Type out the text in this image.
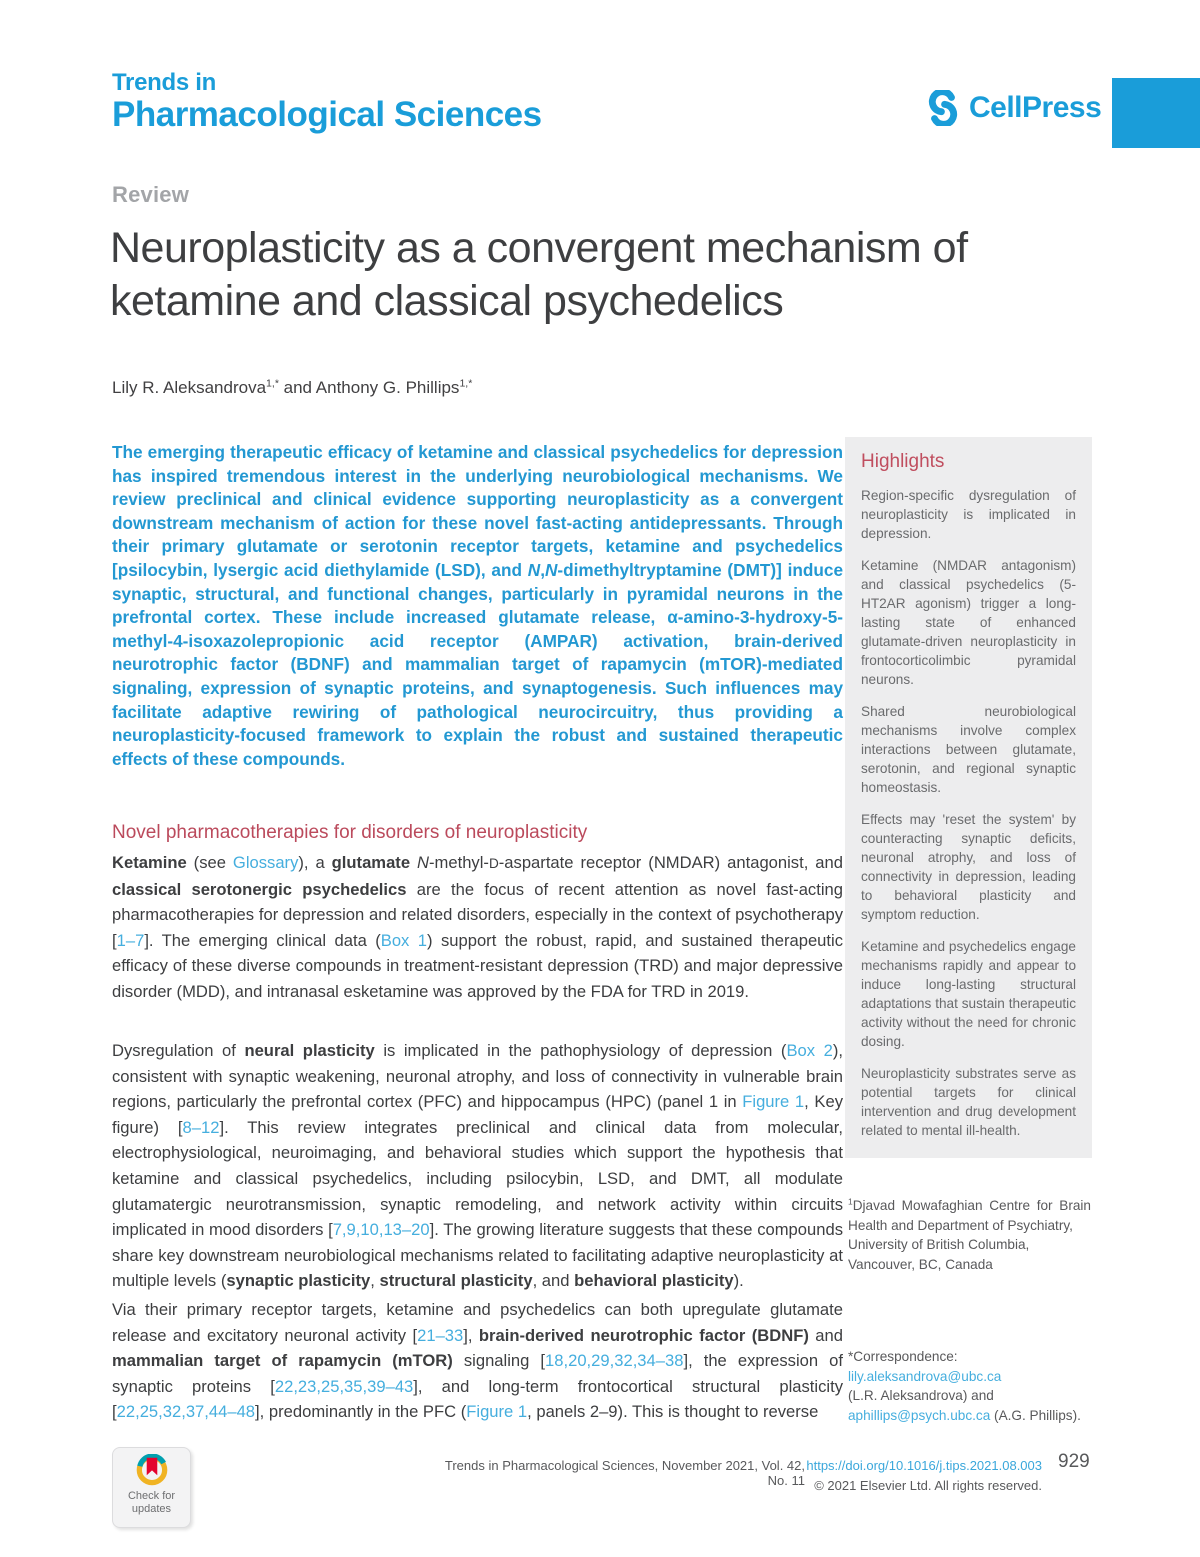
Trends in
Pharmacological Sciences	CellPress
Review
Neuroplasticity as a convergent mechanism of ketamine and classical psychedelics
Lily R. Aleksandrova$^{1,*}$ and Anthony G. Phillips$^{1,*}$
The emerging therapeutic efficacy of ketamine and classical psychedelics for depression has inspired tremendous interest in the underlying neurobiological mechanisms. We review preclinical and clinical evidence supporting neuroplasticity as a convergent downstream mechanism of action for these novel fast-acting antidepressants. Through their primary glutamate or serotonin receptor targets, ketamine and psychedelics [psilocybin, lysergic acid diethylamide (LSD), and N,N-dimethyltryptamine (DMT)] induce synaptic, structural, and functional changes, particularly in pyramidal neurons in the prefrontal cortex. These include increased glutamate release, α-amino-3-hydroxy-5-methyl-4-isoxazolepropionic acid receptor (AMPAR) activation, brain-derived neurotrophic factor (BDNF) and mammalian target of rapamycin (mTOR)-mediated signaling, expression of synaptic proteins, and synaptogenesis. Such influences may facilitate adaptive rewiring of pathological neurocircuitry, thus providing a neuroplasticity-focused framework to explain the robust and sustained therapeutic effects of these compounds.
Highlights

Region-specific dysregulation of neuroplasticity is implicated in depression.

Ketamine (NMDAR antagonism) and classical psychedelics (5-HT2AR agonism) trigger a long-lasting state of enhanced glutamate-driven neuroplasticity in frontocorticolimbic pyramidal neurons.

Shared neurobiological mechanisms involve complex interactions between glutamate, serotonin, and regional synaptic homeostasis.

Effects may 'reset the system' by counteracting synaptic deficits, neuronal atrophy, and loss of connectivity in depression, leading to behavioral plasticity and symptom reduction.

Ketamine and psychedelics engage mechanisms rapidly and appear to induce long-lasting structural adaptations that sustain therapeutic activity without the need for chronic dosing.

Neuroplasticity substrates serve as potential targets for clinical intervention and drug development related to mental ill-health.

Novel pharmacotherapies for disorders of neuroplasticity

Ketamine (see Glossary), a glutamate N-methyl-D-aspartate receptor (NMDAR) antagonist, and classical serotonergic psychedelics are the focus of recent attention as novel fast-acting pharmacotherapies for depression and related disorders, especially in the context of psychotherapy [1–7]. The emerging clinical data (Box 1) support the robust, rapid, and sustained therapeutic efficacy of these diverse compounds in treatment-resistant depression (TRD) and major depressive disorder (MDD), and intranasal esketamine was approved by the FDA for TRD in 2019.

Dysregulation of neural plasticity is implicated in the pathophysiology of depression (Box 2), consistent with synaptic weakening, neuronal atrophy, and loss of connectivity in vulnerable brain regions, particularly the prefrontal cortex (PFC) and hippocampus (HPC) (panel 1 in Figure 1, Key figure) [8–12]. This review integrates preclinical and clinical data from molecular, electrophysiological, neuroimaging, and behavioral studies which support the hypothesis that ketamine and classical psychedelics, including psilocybin, LSD, and DMT, all modulate glutamatergic neurotransmission, synaptic remodeling, and network activity within circuits implicated in mood disorders [7,9,10,13–20]. The growing literature suggests that these compounds share key downstream neurobiological mechanisms related to facilitating adaptive neuroplasticity at multiple levels (synaptic plasticity, structural plasticity, and behavioral plasticity).

Via their primary receptor targets, ketamine and psychedelics can both upregulate glutamate release and excitatory neuronal activity [21–33], brain-derived neurotrophic factor (BDNF) and mammalian target of rapamycin (mTOR) signaling [18,20,29,32,34–38], the expression of synaptic proteins [22,23,25,35,39–43], and long-term frontocortical structural plasticity [22,25,32,37,44–48], predominantly in the PFC (Figure 1, panels 2–9). This is thought to reverse

$^1$Djavad Mowafaghian Centre for Brain Health and Department of Psychiatry,
University of British Columbia,
Vancouver, BC, Canada
*Correspondence:
lily.aleksandrova@ubc.ca
(L.R. Aleksandrova) and
aphillips@psych.ubc.ca (A.G. Phillips).
Check for
updates
Trends in Pharmacological Sciences, November 2021, Vol. 42, No. 11
https://doi.org/10.1016/j.tips.2021.08.003 929
© 2021 Elsevier Ltd. All rights reserved.
